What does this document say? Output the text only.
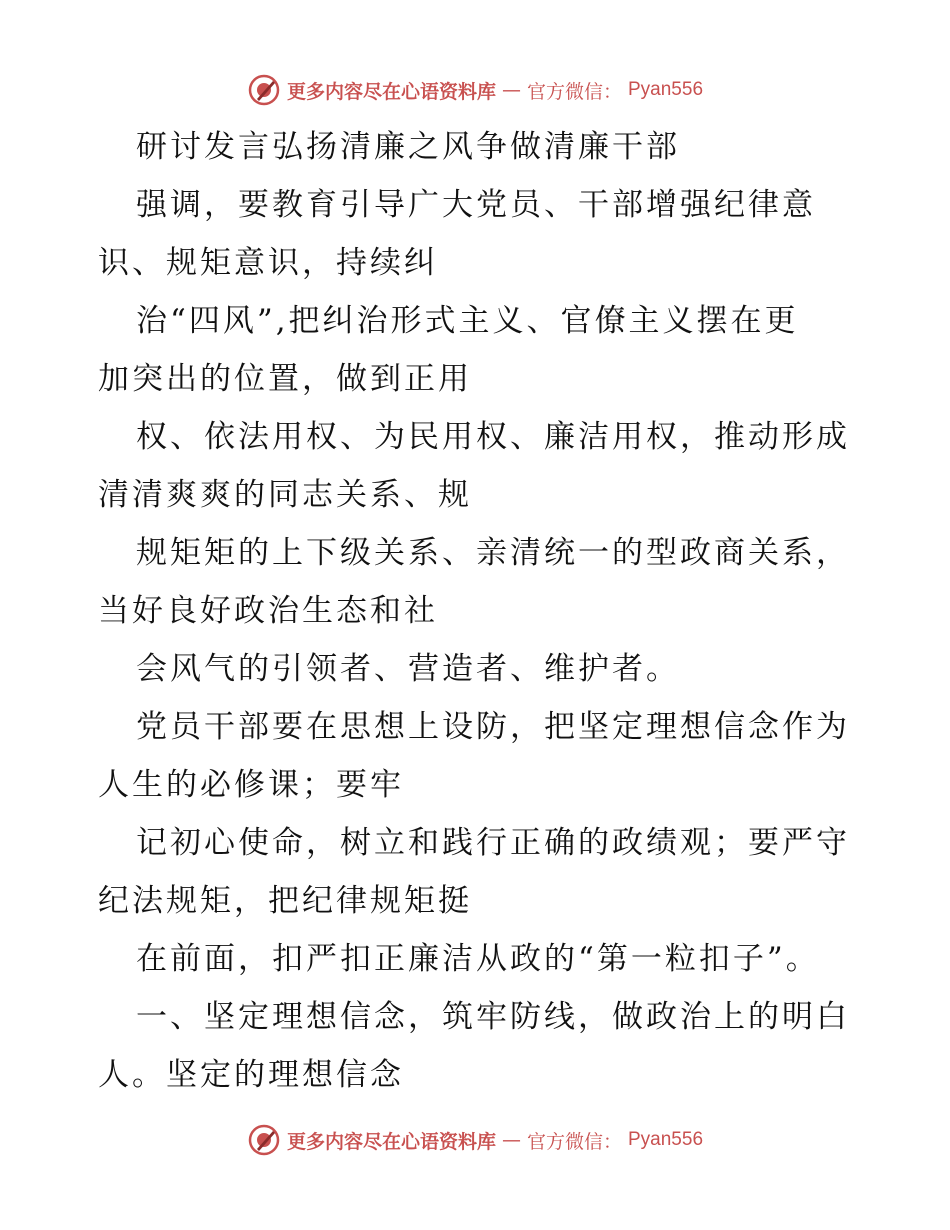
更多内容尽在心语资料库 — 官方微信： Pyan556
研讨发言弘扬清廉之风争做清廉干部
强调，要教育引导广大党员、干部增强纪律意
识、规矩意识，持续纠
治“四风”,把纠治形式主义、官僚主义摆在更
加突出的位置，做到正用
权、依法用权、为民用权、廉洁用权，推动形成
清清爽爽的同志关系、规
规矩矩的上下级关系、亲清统一的型政商关系，
当好良好政治生态和社
会风气的引领者、营造者、维护者。
党员干部要在思想上设防，把坚定理想信念作为
人生的必修课；要牢
记初心使命，树立和践行正确的政绩观；要严守
纪法规矩，把纪律规矩挺
在前面，扣严扣正廉洁从政的“第一粒扣子”。
一、坚定理想信念，筑牢防线，做政治上的明白
人。坚定的理想信念
更多内容尽在心语资料库 — 官方微信： Pyan556
